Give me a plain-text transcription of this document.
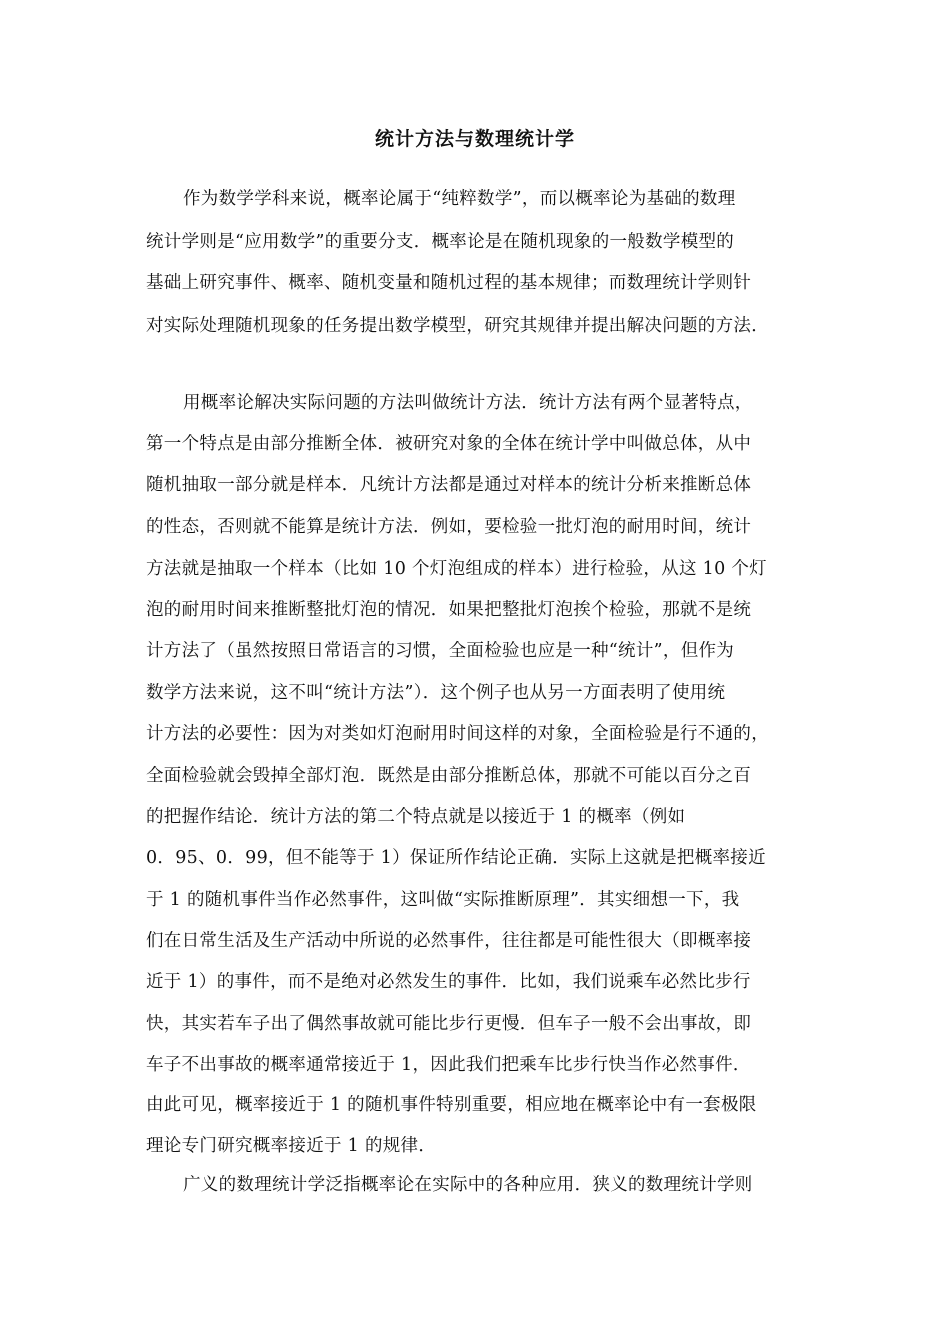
统计方法与数理统计学
作为数学学科来说，概率论属于“纯粹数学”，而以概率论为基础的数理
统计学则是“应用数学”的重要分支．概率论是在随机现象的一般数学模型的
基础上研究事件、概率、随机变量和随机过程的基本规律；而数理统计学则针
对实际处理随机现象的任务提出数学模型，研究其规律并提出解决问题的方法．
用概率论解决实际问题的方法叫做统计方法．统计方法有两个显著特点，
第一个特点是由部分推断全体．被研究对象的全体在统计学中叫做总体，从中
随机抽取一部分就是样本．凡统计方法都是通过对样本的统计分析来推断总体
的性态，否则就不能算是统计方法．例如，要检验一批灯泡的耐用时间，统计
方法就是抽取一个样本（比如 10 个灯泡组成的样本）进行检验，从这 10 个灯
泡的耐用时间来推断整批灯泡的情况．如果把整批灯泡挨个检验，那就不是统
计方法了（虽然按照日常语言的习惯，全面检验也应是一种“统计”，但作为
数学方法来说，这不叫“统计方法”）．这个例子也从另一方面表明了使用统
计方法的必要性：因为对类如灯泡耐用时间这样的对象，全面检验是行不通的，
全面检验就会毁掉全部灯泡．既然是由部分推断总体，那就不可能以百分之百
的把握作结论．统计方法的第二个特点就是以接近于 1 的概率（例如
0．95、0．99，但不能等于 1）保证所作结论正确．实际上这就是把概率接近
于 1 的随机事件当作必然事件，这叫做“实际推断原理”．其实细想一下，我
们在日常生活及生产活动中所说的必然事件，往往都是可能性很大（即概率接
近于 1）的事件，而不是绝对必然发生的事件．比如，我们说乘车必然比步行
快，其实若车子出了偶然事故就可能比步行更慢．但车子一般不会出事故，即
车子不出事故的概率通常接近于 1，因此我们把乘车比步行快当作必然事件．
由此可见，概率接近于 1 的随机事件特别重要，相应地在概率论中有一套极限
理论专门研究概率接近于 1 的规律．
广义的数理统计学泛指概率论在实际中的各种应用．狭义的数理统计学则
